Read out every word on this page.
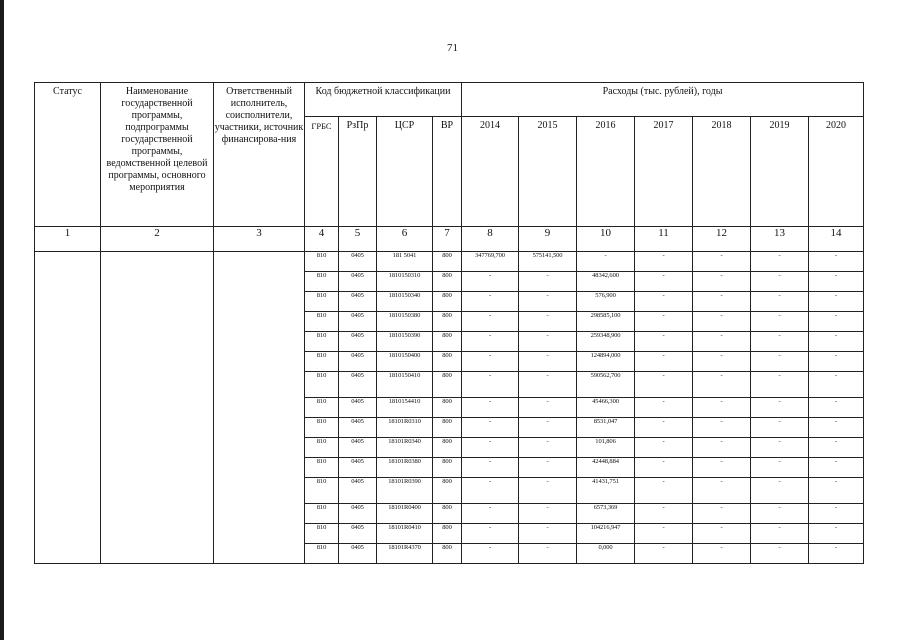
71
Статус	Наименование государственной программы, подпрограммы государственной программы, ведомственной целевой программы, основного мероприятия	Ответственный исполнитель, соисполнители, участники, источник финансирова-ния	Код бюджетной классификации				Расходы (тыс. рублей), годы						
			ГРБС	РзПр	ЦСР	ВР	2014	2015	2016	2017	2018	2019	2020
1	2	3	4	5	6	7	8	9	10	11	12	13	14
			810	0405	181 5041	800	347769,700	575141,500	-	-	-	-	-
			810	0405	1810150310	800	-	-	48342,600	-	-	-	-
			810	0405	1810150340	800	-	-	576,900	-	-	-	-
			810	0405	1810150380	800	-	-	298585,100	-	-	-	-
			810	0405	1810150390	800	-	-	259348,900	-	-	-	-
			810	0405	1810150400	800	-	-	124894,000	-	-	-	-
			810	0405	1810150410	800	-	-	590562,700	-	-	-	-
			810	0405	1810154410	800	-	-	45466,300	-	-	-	-
			810	0405	18101R0310	800	-	-	8531,047	-	-	-	-
			810	0405	18101R0340	800	-	-	101,806	-	-	-	-
			810	0405	18101R0380	800	-	-	42448,884	-	-	-	-
			810	0405	18101R0390	800	-	-	41431,751	-	-	-	-
			810	0405	18101R0400	800	-	-	6573,369	-	-	-	-
			810	0405	18101R0410	800	-	-	104216,947	-	-	-	-
			810	0405	18101R4370	800	-	-	0,000	-	-	-	-
